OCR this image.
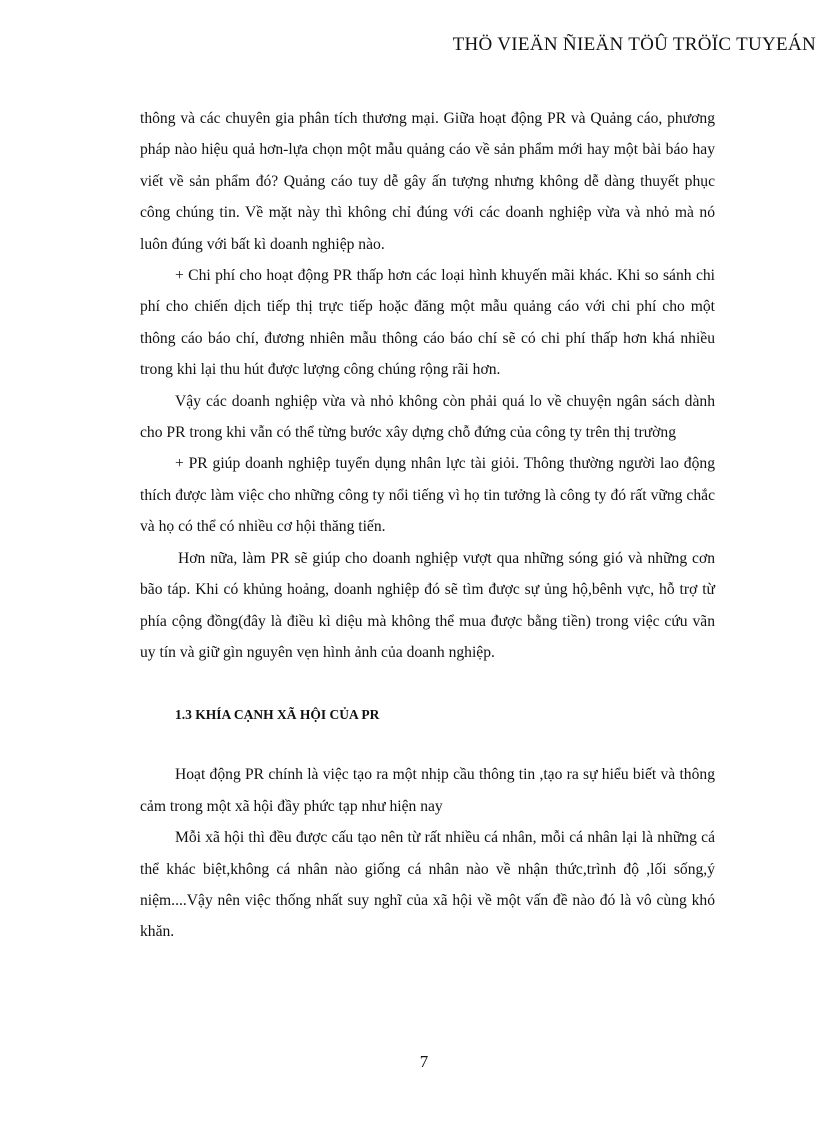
THÖ VIEÄN ÑIEÄN TÖÛ TRÖÏC TUYEÁN

thông và các chuyên gia phân tích thương mại. Giữa hoạt động PR và Quảng cáo, phương pháp nào hiệu quả hơn-lựa chọn một mẫu quảng cáo về sản phẩm mới hay một bài báo hay viết về sản phẩm đó? Quảng cáo tuy dễ gây ấn tượng nhưng không dễ dàng thuyết phục công chúng tin. Về mặt này thì không chỉ đúng với các doanh nghiệp vừa và nhỏ mà nó luôn đúng với bất kì doanh nghiệp nào.

+ Chi phí cho hoạt động PR thấp hơn các loại hình khuyến mãi khác. Khi so sánh chi phí cho chiến dịch tiếp thị trực tiếp hoặc đăng một mẫu quảng cáo với chi phí cho một thông cáo báo chí, đương nhiên mẫu thông cáo báo chí sẽ có chi phí thấp hơn khá nhiều trong khi lại thu hút được lượng công chúng rộng rãi hơn.

Vậy các doanh nghiệp vừa và nhỏ không còn phải quá lo về chuyện ngân sách dành cho PR trong khi vẫn có thể từng bước xây dựng chỗ đứng của công ty trên thị trường

+ PR giúp doanh nghiệp tuyển dụng nhân lực tài giỏi. Thông thường người lao động thích được làm việc cho những công ty nổi tiếng vì họ tin tưởng là công ty đó rất vững chắc và họ có thể có nhiều cơ hội thăng tiến.

Hơn nữa, làm PR sẽ giúp cho doanh nghiệp vượt qua những sóng gió và những cơn bão táp. Khi có khủng hoảng, doanh nghiệp đó sẽ tìm được sự ủng hộ,bênh vực, hỗ trợ từ phía cộng đồng(đây là điều kì diệu mà không thể mua được bằng tiền) trong việc cứu vãn uy tín và giữ gìn nguyên vẹn hình ảnh của doanh nghiệp.

1.3 KHÍA CẠNH XÃ HỘI CỦA PR

Hoạt động PR chính là việc tạo ra một nhịp cầu thông tin ,tạo ra sự hiểu biết và thông cảm trong một xã hội đầy phức tạp như hiện nay

Mỗi xã hội thì đều được cấu tạo nên từ rất nhiều cá nhân, mỗi cá nhân lại là những cá thể khác biệt,không cá nhân nào giống cá nhân nào về nhận thức,trình độ ,lối sống,ý niệm....Vậy nên việc thống nhất suy nghĩ của xã hội về một vấn đề nào đó là vô cùng khó khăn.

7
